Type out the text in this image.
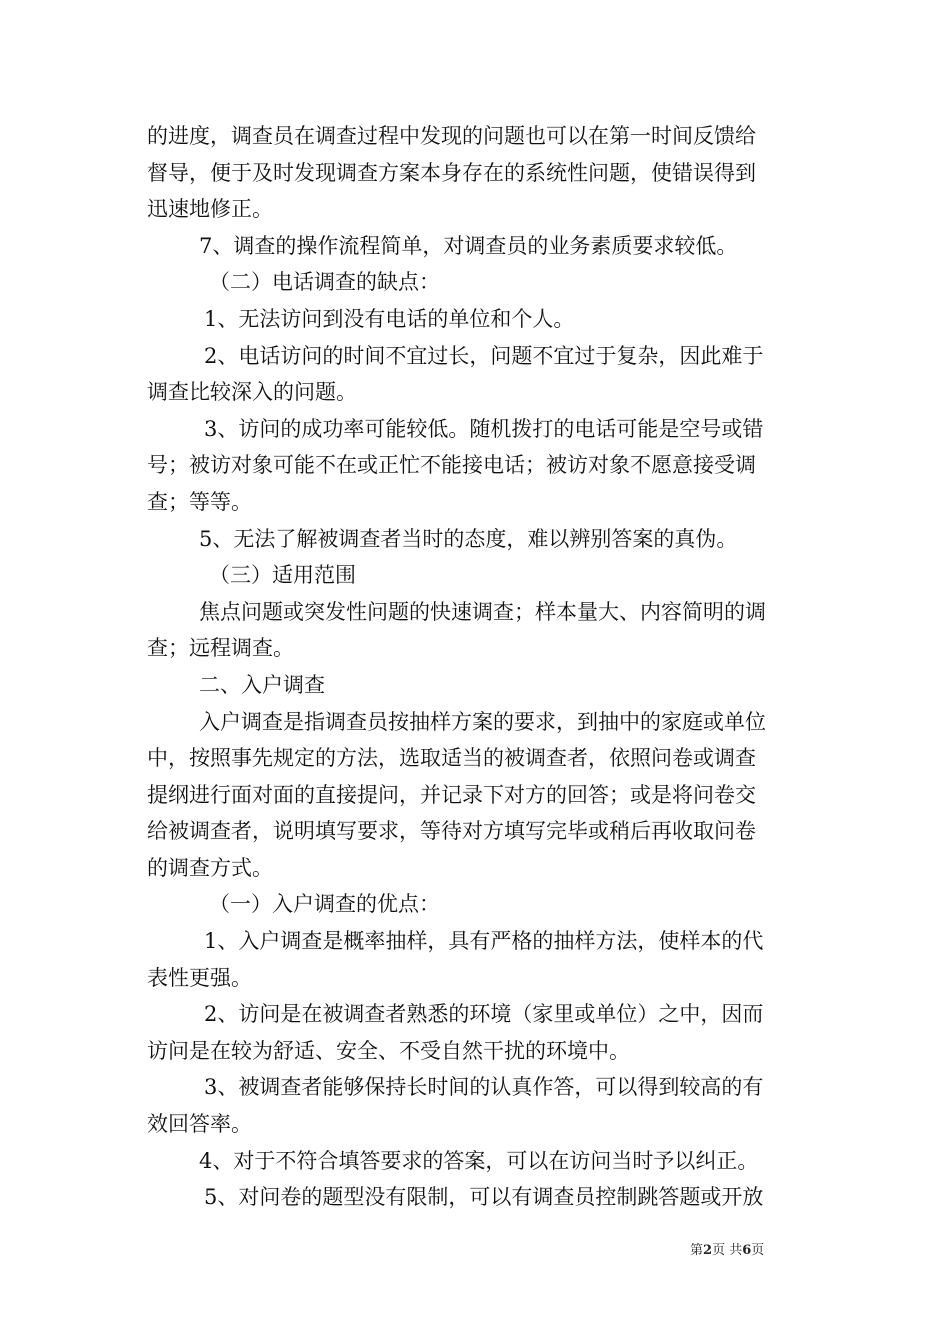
的进度，调查员在调查过程中发现的问题也可以在第一时间反馈给
督导，便于及时发现调查方案本身存在的系统性问题，使错误得到
迅速地修正。
7、调查的操作流程简单，对调查员的业务素质要求较低。
（二）电话调查的缺点：
1、无法访问到没有电话的单位和个人。
2、电话访问的时间不宜过长，问题不宜过于复杂，因此难于
调查比较深入的问题。
3、访问的成功率可能较低。随机拨打的电话可能是空号或错
号；被访对象可能不在或正忙不能接电话；被访对象不愿意接受调
查；等等。
5、无法了解被调查者当时的态度，难以辨别答案的真伪。
（三）适用范围
焦点问题或突发性问题的快速调查；样本量大、内容简明的调
查；远程调查。
二、入户调查
入户调查是指调查员按抽样方案的要求，到抽中的家庭或单位
中，按照事先规定的方法，选取适当的被调查者，依照问卷或调查
提纲进行面对面的直接提问，并记录下对方的回答；或是将问卷交
给被调查者，说明填写要求，等待对方填写完毕或稍后再收取问卷
的调查方式。
（一）入户调查的优点：
1、入户调查是概率抽样，具有严格的抽样方法，使样本的代
表性更强。
2、访问是在被调查者熟悉的环境（家里或单位）之中，因而
访问是在较为舒适、安全、不受自然干扰的环境中。
3、被调查者能够保持长时间的认真作答，可以得到较高的有
效回答率。
4、对于不符合填答要求的答案，可以在访问当时予以纠正。
5、对问卷的题型没有限制，可以有调查员控制跳答题或开放
第2页 共6页
